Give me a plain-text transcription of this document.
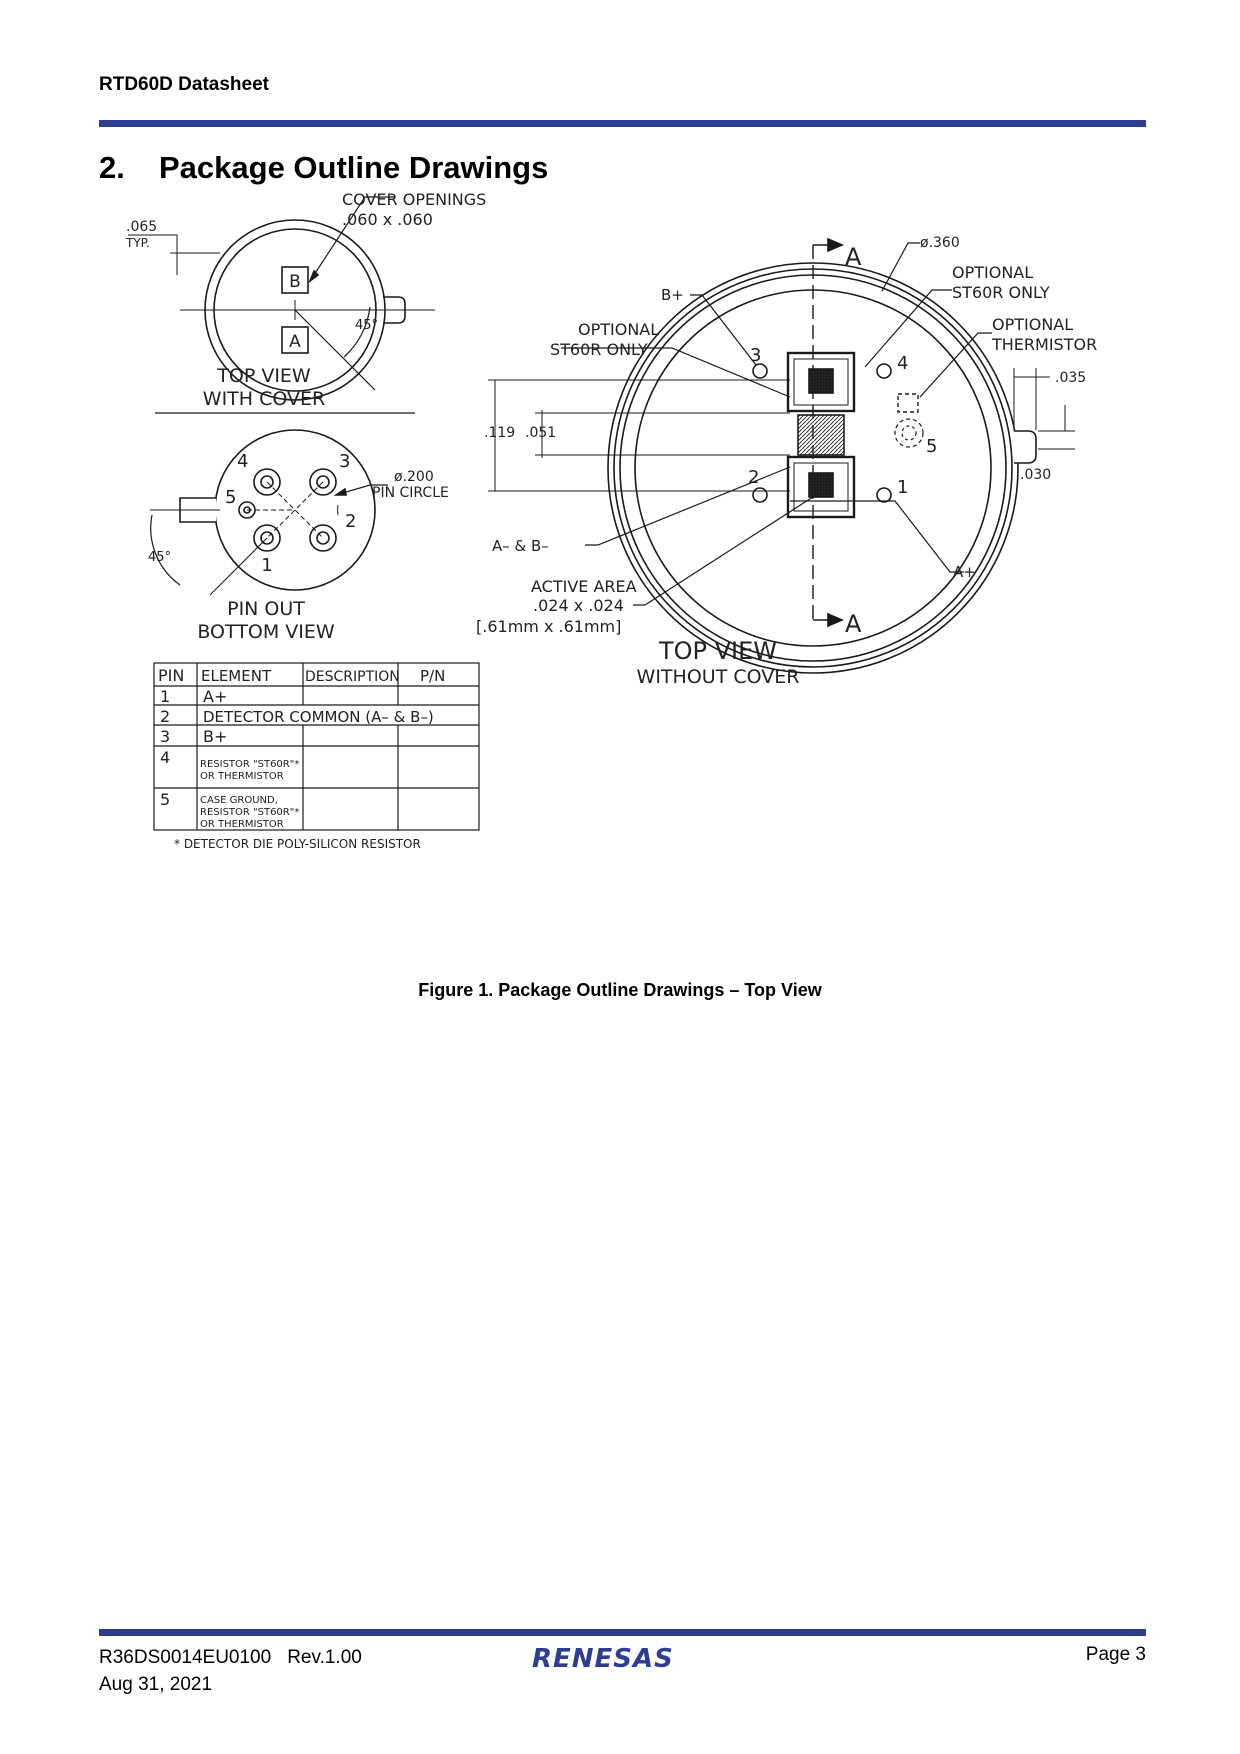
RTD60D Datasheet
2. Package Outline Drawings
B
A
COVER OPENINGS
.060 x .060
.065
TYP.
45°
TOP VIEW
WITH COVER
4	3
2
1
5
ø.200
PIN CIRCLE
45°
PIN OUT
BOTTOM VIEW
A
A
ø.360
3	4
5
2	1
B+
OPTIONAL
ST60R ONLY
OPTIONAL
THERMISTOR
OPTIONAL
ST60R ONLY
.035
.030
.119 .051
A– & B–
A+
ACTIVE AREA
.024 x .024
[.61mm x .61mm]
TOP VIEW
WITHOUT COVER
PIN ELEMENT DESCRIPTION P/N
1 A+
2 DETECTOR COMMON (A– & B–)
3 B+
4	RESISTOR "ST60R"*
OR THERMISTOR
5	CASE GROUND,
RESISTOR "ST60R"*
OR THERMISTOR
* DETECTOR DIE POLY-SILICON RESISTOR
Figure 1. Package Outline Drawings – Top View
R36DS0014EU0100 Rev.1.00
Aug 31, 2021
RENESAS	Page 3
